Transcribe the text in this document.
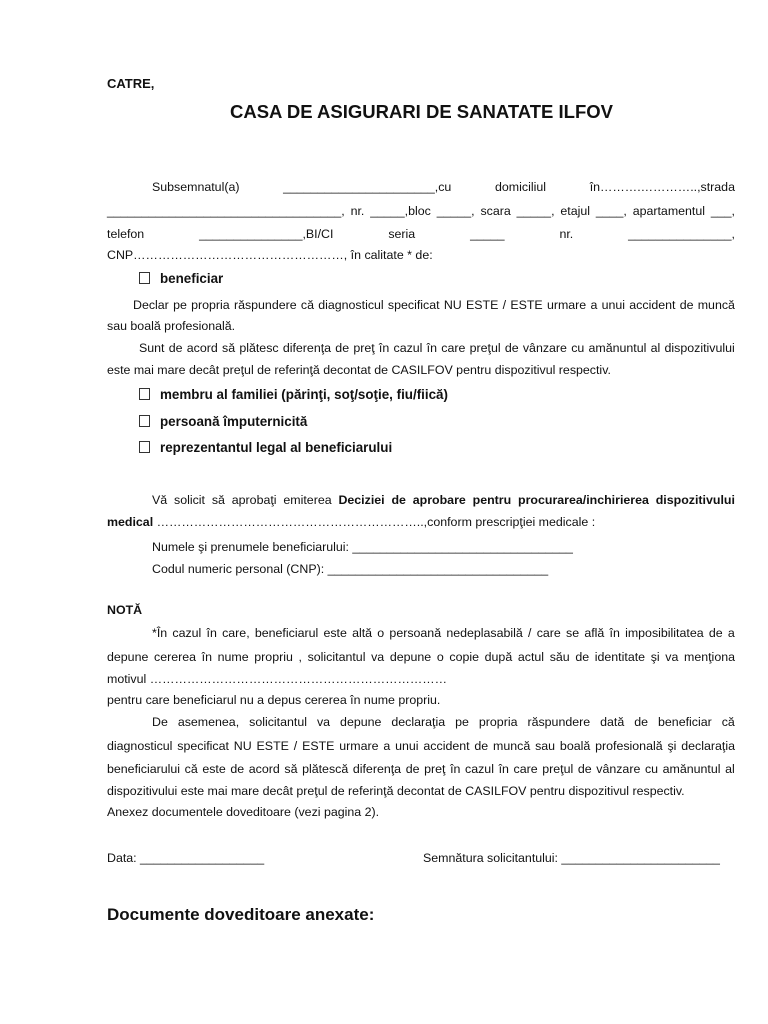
CATRE,
CASA DE ASIGURARI DE SANATATE ILFOV
Subsemnatul(a)	______________________,cu	domiciliul	în……….…………..,strada
__________________________________, nr. _____,bloc _____, scara _____, etajul ____, apartamentul ___,
telefon	_______________,BI/CI	seria	_____	nr.	_______________,
CNP……………………………………………, în calitate * de:
beneficiar
Declar pe propria răspundere că diagnosticul specificat NU ESTE / ESTE urmare a unui accident de muncă
sau boală profesională.
Sunt de acord să plătesc diferenţa de preţ în cazul în care preţul de vânzare cu amănuntul al dispozitivului
este mai mare decât preţul de referinţă decontat de CASILFOV pentru dispozitivul respectiv.
membru al familiei (părinţi, soţ/soţie, fiu/fiică)
persoană împuternicită
reprezentantul legal al beneficiarului
Vă solicit să aprobaţi emiterea Deciziei de aprobare pentru procurarea/inchirierea dispozitivului
medical ………………………………………………………..,conform prescripţiei medicale :
Numele şi prenumele beneficiarului: ________________________________
Codul numeric personal (CNP): ________________________________
NOTĂ
*În cazul în care, beneficiarul este altă o persoană nedeplasabilă / care se află în imposibilitatea de a
depune cererea în nume propriu , solicitantul va depune o copie după actul său de identitate şi va menţiona
motivul ………………………………………………………………
pentru care beneficiarul nu a depus cererea în nume propriu.
De asemenea, solicitantul va depune declaraţia pe propria răspundere dată de beneficiar că
diagnosticul specificat NU ESTE / ESTE urmare a unui accident de muncă sau boală profesională şi declaraţia
beneficiarului că este de acord să plătescă diferenţa de preţ în cazul în care preţul de vânzare cu amănuntul al
dispozitivului este mai mare decât preţul de referinţă decontat de CASILFOV pentru dispozitivul respectiv.
Anexez documentele doveditoare (vezi pagina 2).
Data: __________________	Semnătura solicitantului: _______________________
Documente doveditoare anexate:
